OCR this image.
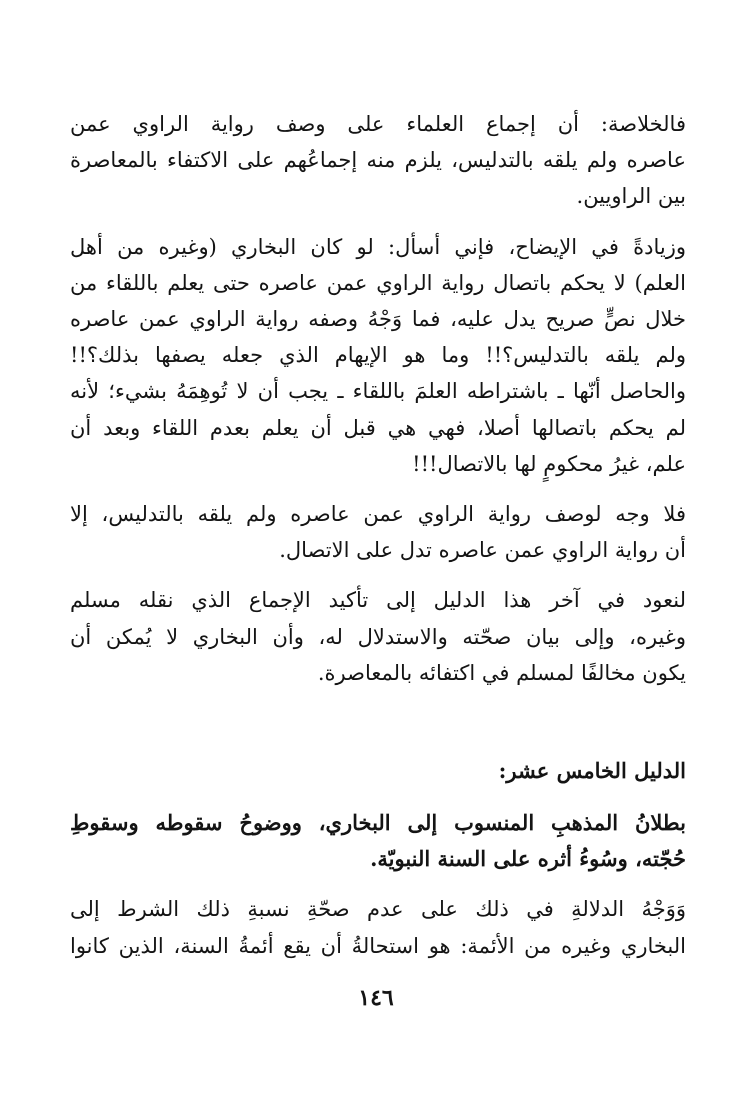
فالخلاصة: أن إجماع العلماء على وصف رواية الراوي عمن
عاصره ولم يلقه بالتدليس، يلزم منه إجماعُهم على الاكتفاء بالمعاصرة
بين الراويين.

وزيادةً في الإيضاح، فإني أسأل: لو كان البخاري (وغيره من أهل
العلم) لا يحكم باتصال رواية الراوي عمن عاصره حتى يعلم باللقاء من
خلال نصٍّ صريح يدل عليه، فما وَجْهُ وصفه رواية الراوي عمن عاصره
ولم يلقه بالتدليس؟!! وما هو الإيهام الذي جعله يصفها بذلك؟!!
والحاصل أنّها ـ باشتراطه العلمَ باللقاء ـ يجب أن لا تُوهِمَهُ بشيء؛ لأنه
لم يحكم باتصالها أصلا، فهي هي قبل أن يعلم بعدم اللقاء وبعد أن
علم، غيرُ محكومٍ لها بالاتصال!!!

فلا وجه لوصف رواية الراوي عمن عاصره ولم يلقه بالتدليس، إلا
أن رواية الراوي عمن عاصره تدل على الاتصال.

لنعود في آخر هذا الدليل إلى تأكيد الإجماع الذي نقله مسلم
وغيره، وإلى بيان صحّته والاستدلال له، وأن البخاري لا يُمكن أن
يكون مخالفًا لمسلم في اكتفائه بالمعاصرة.

الدليل الخامس عشر:

بطلانُ المذهبِ المنسوب إلى البخاري، ووضوحُ سقوطه وسقوطِ
حُجّته، وسُوءُ أثره على السنة النبويّة.

وَوَجْهُ الدلالةِ في ذلك على عدم صحّةِ نسبةِ ذلك الشرط إلى
البخاري وغيره من الأئمة: هو استحالةُ أن يقع أئمةُ السنة، الذين كانوا

١٤٦
